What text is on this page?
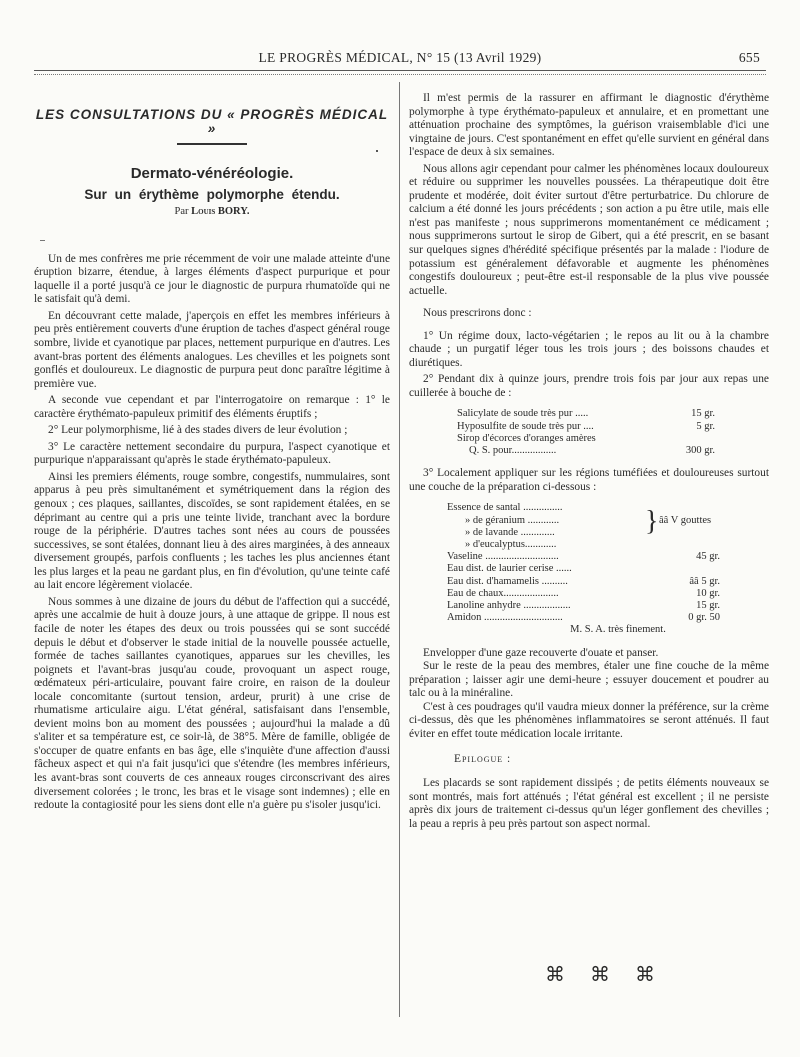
LE PROGRÈS MÉDICAL, N° 15 (13 Avril 1929)	655
LES CONSULTATIONS DU « PROGRÈS MÉDICAL »
Dermato-vénéréologie.
Sur un érythème polymorphe étendu.
Par Louis BORY.

Un de mes confrères me prie récemment de voir une malade atteinte d'une éruption bizarre, étendue, à larges éléments d'aspect purpurique et pour laquelle il a porté jusqu'à ce jour le diagnostic de purpura rhumatoïde qui ne le satisfait qu'à demi.

En découvrant cette malade, j'aperçois en effet les membres inférieurs à peu près entièrement couverts d'une éruption de taches d'aspect général rouge sombre, livide et cyanotique par places, nettement purpurique en d'autres. Les avant-bras portent des éléments analogues. Les chevilles et les poignets sont gonflés et douloureux. Le diagnostic de purpura peut donc paraître légitime à première vue.

A seconde vue cependant et par l'interrogatoire on remarque : 1° le caractère érythémato-papuleux primitif des éléments éruptifs ;

2° Leur polymorphisme, lié à des stades divers de leur évolution ;

3° Le caractère nettement secondaire du purpura, l'aspect cyanotique et purpurique n'apparaissant qu'après le stade érythémato-papuleux.

Ainsi les premiers éléments, rouge sombre, congestifs, nummulaires, sont apparus à peu près simultanément et symétriquement dans la région des genoux ; ces plaques, saillantes, discoïdes, se sont rapidement étalées, en se déprimant au centre qui a pris une teinte livide, tranchant avec la bordure rouge de la périphérie. D'autres taches sont nées au cours de poussées successives, se sont étalées, donnant lieu à des aires marginées, à des anneaux diversement groupés, parfois confluents ; les taches les plus anciennes étant les plus larges et la peau ne gardant plus, en fin d'évolution, qu'une teinte café au lait encore légèrement violacée.

Nous sommes à une dizaine de jours du début de l'affection qui a succédé, après une accalmie de huit à douze jours, à une attaque de grippe. Il nous est facile de noter les étapes des deux ou trois poussées qui se sont succédé depuis le début et d'observer le stade initial de la nouvelle poussée actuelle, formée de taches saillantes cyanotiques, apparues sur les chevilles, les poignets et l'avant-bras jusqu'au coude, provoquant un aspect rouge, œdémateux péri-articulaire, pouvant faire croire, en raison de la douleur locale concomitante (surtout tension, ardeur, prurit) à une crise de rhumatisme articulaire aigu. L'état général, satisfaisant dans l'ensemble, devient moins bon au moment des poussées ; aujourd'hui la malade a dû s'aliter et sa température est, ce soir-là, de 38°5. Mère de famille, obligée de s'occuper de quatre enfants en bas âge, elle s'inquiète d'une affection d'aussi fâcheux aspect et qui n'a fait jusqu'ici que s'étendre (les membres inférieurs, les avant-bras sont couverts de ces anneaux rouges circonscrivant des aires diversement colorées ; le tronc, les bras et le visage sont indemnes) ; elle en redoute la contagiosité pour les siens dont elle n'a guère pu s'isoler jusqu'ici.

Il m'est permis de la rassurer en affirmant le diagnostic d'érythème polymorphe à type érythémato-papuleux et annulaire, et en promettant une atténuation prochaine des symptômes, la guérison vraisemblable d'ici une vingtaine de jours. C'est spontanément en effet qu'elle survient en général dans l'espace de deux à six semaines.

Nous allons agir cependant pour calmer les phénomènes locaux douloureux et réduire ou supprimer les nouvelles poussées. La thérapeutique doit être prudente et modérée, doit éviter surtout d'être perturbatrice. Du chlorure de calcium a été donné les jours précédents ; son action a pu être utile, mais elle n'est pas manifeste ; nous supprimerons momentanément ce médicament ; nous supprimerons surtout le sirop de Gibert, qui a été prescrit, en se basant sur quelques signes d'hérédité spécifique présentés par la malade : l'iodure de potassium est généralement défavorable et augmente les phénomènes congestifs douloureux ; peut-être est-il responsable de la plus vive poussée actuelle.

Nous prescrirons donc :

1° Un régime doux, lacto-végétarien ; le repos au lit ou à la chambre chaude ; un purgatif léger tous les trois jours ; des boissons chaudes et diurétiques.

2° Pendant dix à quinze jours, prendre trois fois par jour aux repas une cuillerée à bouche de :

Salicylate de soude très pur .....	15 gr.
Hyposulfite de soude très pur ....	5 gr.
Sirop d'écorces d'oranges amères
Q. S. pour.................	300 gr.

3° Localement appliquer sur les régions tuméfiées et douloureuses surtout une couche de la préparation ci-dessous :

Essence de santal ...............
» de géranium ............
» de lavande .............
» d'eucalyptus............
} ââ V gouttes
Vaseline ............................	45 gr.
Eau dist. de laurier cerise ......
Eau dist. d'hamamelis ..........	ââ 5 gr.
Eau de chaux.....................	10 gr.
Lanoline anhydre ..................	15 gr.
Amidon ..............................	0 gr. 50
M. S. A. très finement.

Envelopper d'une gaze recouverte d'ouate et panser.

Sur le reste de la peau des membres, étaler une fine couche de la même préparation ; laisser agir une demi-heure ; essuyer doucement et poudrer au talc ou à la minéraline.

C'est à ces poudrages qu'il vaudra mieux donner la préférence, sur la crème ci-dessus, dès que les phénomènes inflammatoires se seront atténués. Il faut éviter en effet toute médication locale irritante.

Epilogue :

Les placards se sont rapidement dissipés ; de petits éléments nouveaux se sont montrés, mais fort atténués ; l'état général est excellent ; il ne persiste après dix jours de traitement ci-dessus qu'un léger gonflement des chevilles ; la peau a repris à peu près partout son aspect normal.

⌘ ⌘ ⌘
